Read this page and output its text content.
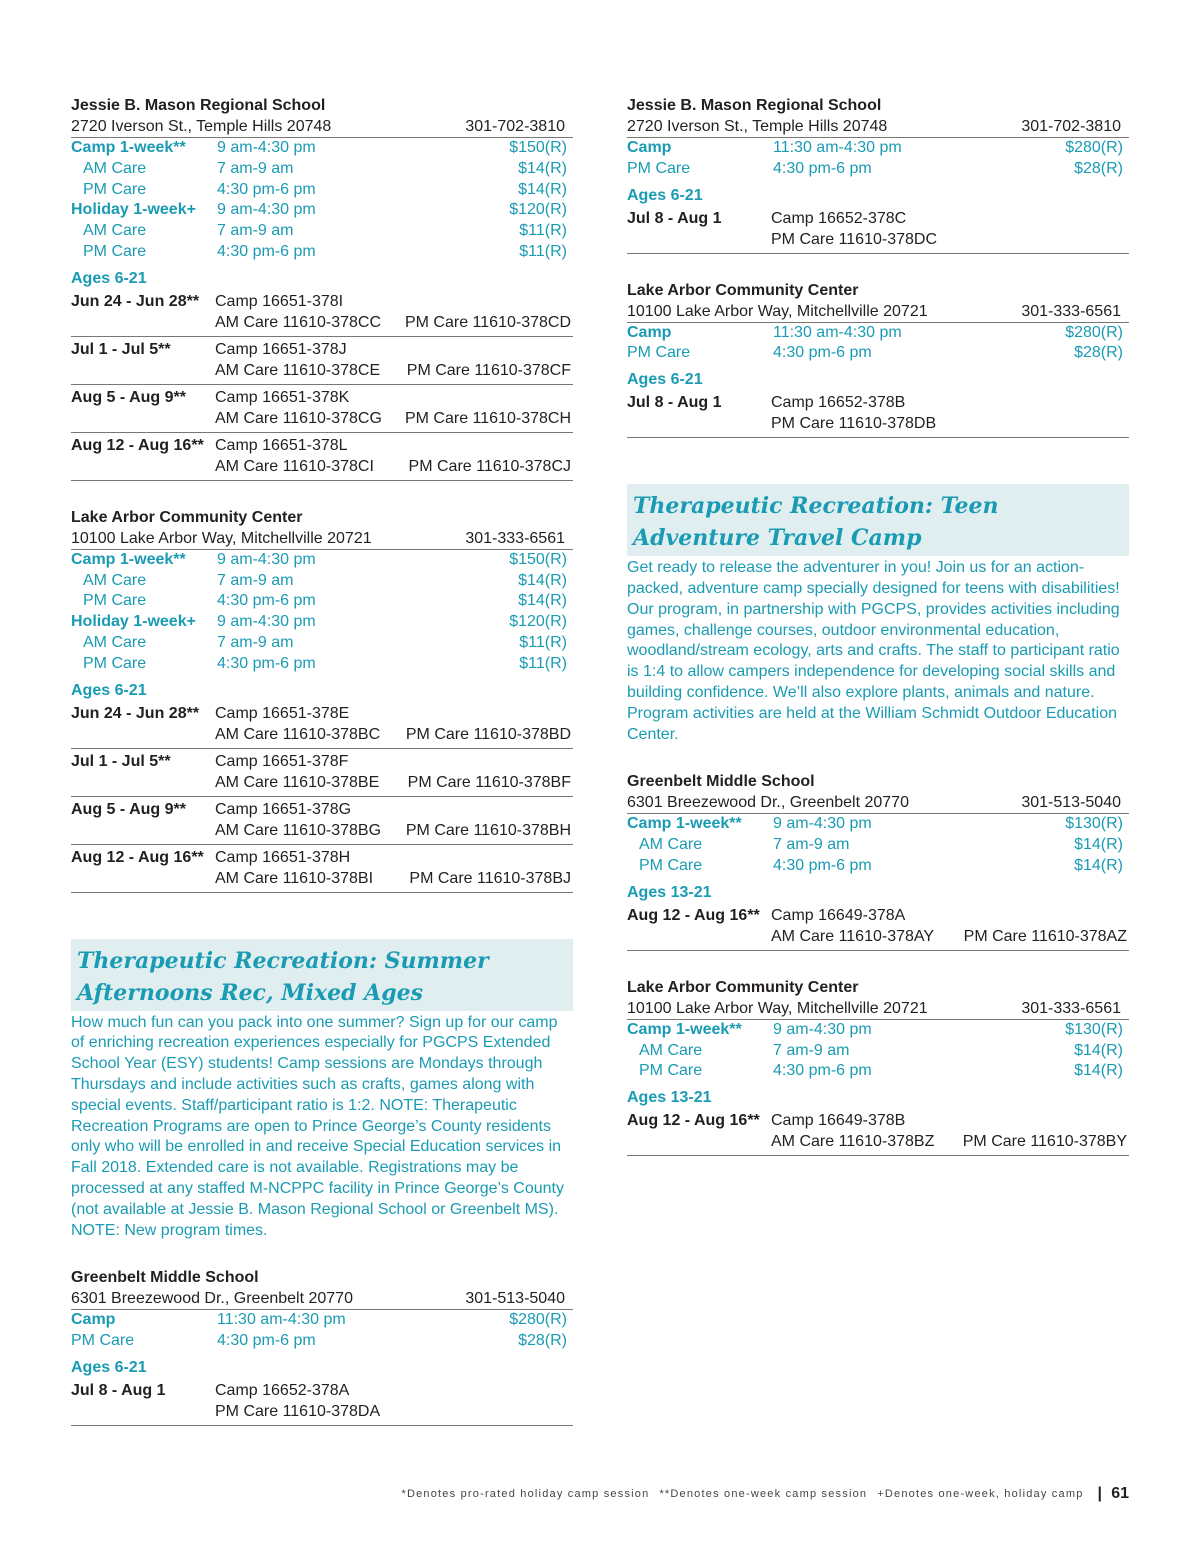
Jessie B. Mason Regional School
2720 Iverson St., Temple Hills 20748	301-702-3810
Camp 1-week**	9 am-4:30 pm	$150(R)
AM Care	7 am-9 am	$14(R)
PM Care	4:30 pm-6 pm	$14(R)
Holiday 1-week+	9 am-4:30 pm	$120(R)
AM Care	7 am-9 am	$11(R)
PM Care	4:30 pm-6 pm	$11(R)
Ages 6-21
Jun 24 - Jun 28** Camp 16651-378I
AM Care 11610-378CC PM Care 11610-378CD
Jul 1 - Jul 5**	Camp 16651-378J
AM Care 11610-378CE PM Care 11610-378CF
Aug 5 - Aug 9**	Camp 16651-378K
AM Care 11610-378CG PM Care 11610-378CH
Aug 12 - Aug 16** Camp 16651-378L
AM Care 11610-378CI PM Care 11610-378CJ
Lake Arbor Community Center
10100 Lake Arbor Way, Mitchellville 20721	301-333-6561
Camp 1-week**	9 am-4:30 pm	$150(R)
AM Care	7 am-9 am	$14(R)
PM Care	4:30 pm-6 pm	$14(R)
Holiday 1-week+	9 am-4:30 pm	$120(R)
AM Care	7 am-9 am	$11(R)
PM Care	4:30 pm-6 pm	$11(R)
Ages 6-21
Jun 24 - Jun 28** Camp 16651-378E
AM Care 11610-378BC PM Care 11610-378BD
Jul 1 - Jul 5**	Camp 16651-378F
AM Care 11610-378BE PM Care 11610-378BF
Aug 5 - Aug 9**	Camp 16651-378G
AM Care 11610-378BG PM Care 11610-378BH
Aug 12 - Aug 16** Camp 16651-378H
AM Care 11610-378BI PM Care 11610-378BJ
Therapeutic Recreation: Summer Afternoons Rec, Mixed Ages
How much fun can you pack into one summer? Sign up for our camp of enriching recreation experiences especially for PGCPS Extended School Year (ESY) students! Camp sessions are Mondays through Thursdays and include activities such as crafts, games along with special events. Staff/participant ratio is 1:2. NOTE: Therapeutic Recreation Programs are open to Prince George’s County residents only who will be enrolled in and receive Special Education services in Fall 2018. Extended care is not available. Registrations may be processed at any staffed M-NCPPC facility in Prince George’s County (not available at Jessie B. Mason Regional School or Greenbelt MS). NOTE: New program times.
Greenbelt Middle School
6301 Breezewood Dr., Greenbelt 20770	301-513-5040
Camp	11:30 am-4:30 pm	$280(R)
PM Care	4:30 pm-6 pm	$28(R)
Ages 6-21
Jul 8 - Aug 1	Camp 16652-378A
PM Care 11610-378DA
Jessie B. Mason Regional School
2720 Iverson St., Temple Hills 20748	301-702-3810
Camp	11:30 am-4:30 pm	$280(R)
PM Care	4:30 pm-6 pm	$28(R)
Ages 6-21
Jul 8 - Aug 1	Camp 16652-378C
PM Care 11610-378DC
Lake Arbor Community Center
10100 Lake Arbor Way, Mitchellville 20721	301-333-6561
Camp	11:30 am-4:30 pm	$280(R)
PM Care	4:30 pm-6 pm	$28(R)
Ages 6-21
Jul 8 - Aug 1	Camp 16652-378B
PM Care 11610-378DB
Therapeutic Recreation: Teen Adventure Travel Camp
Get ready to release the adventurer in you! Join us for an action-packed, adventure camp specially designed for teens with disabilities! Our program, in partnership with PGCPS, provides activities including games, challenge courses, outdoor environmental education, woodland/stream ecology, arts and crafts. The staff to participant ratio is 1:4 to allow campers independence for developing social skills and building confidence. We’ll also explore plants, animals and nature. Program activities are held at the William Schmidt Outdoor Education Center.
Greenbelt Middle School
6301 Breezewood Dr., Greenbelt 20770	301-513-5040
Camp 1-week**	9 am-4:30 pm	$130(R)
AM Care	7 am-9 am	$14(R)
PM Care	4:30 pm-6 pm	$14(R)
Ages 13-21
Aug 12 - Aug 16** Camp 16649-378A
AM Care 11610-378AY PM Care 11610-378AZ
Lake Arbor Community Center
10100 Lake Arbor Way, Mitchellville 20721	301-333-6561
Camp 1-week**	9 am-4:30 pm	$130(R)
AM Care	7 am-9 am	$14(R)
PM Care	4:30 pm-6 pm	$14(R)
Ages 13-21
Aug 12 - Aug 16** Camp 16649-378B
AM Care 11610-378BZ PM Care 11610-378BY
*Denotes pro-rated holiday camp session **Denotes one-week camp session +Denotes one-week, holiday camp | 61
